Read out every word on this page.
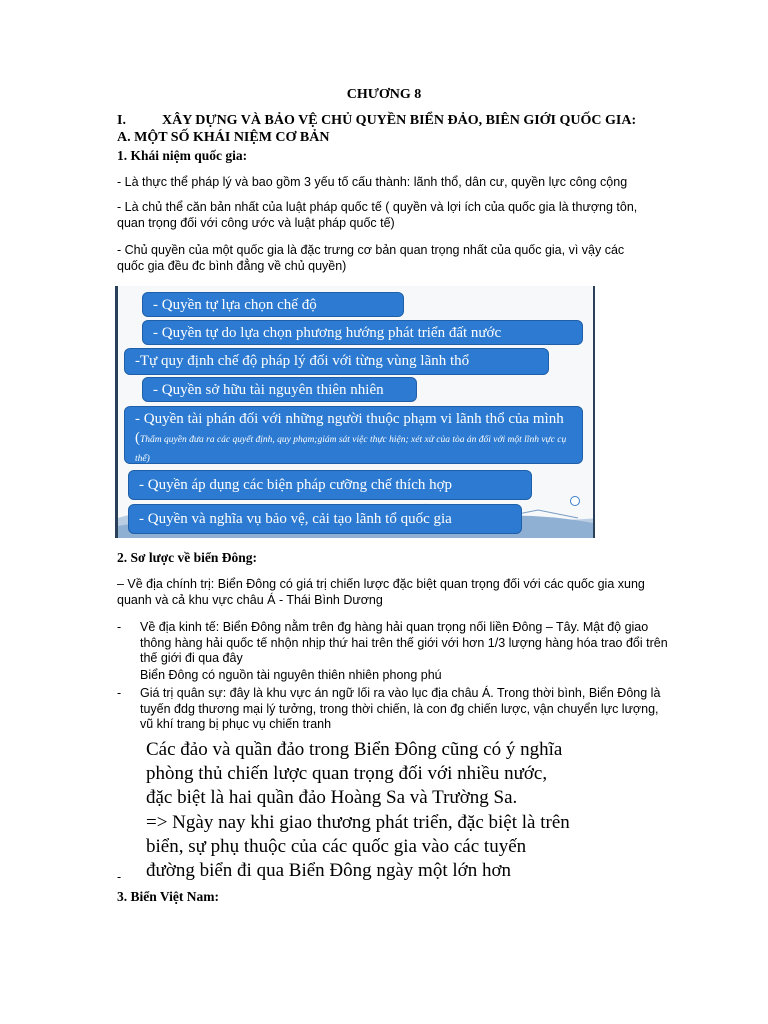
CHƯƠNG 8
I.	XÂY DỰNG VÀ BẢO VỆ CHỦ QUYỀN BIỂN ĐẢO, BIÊN GIỚI QUỐC GIA:
A. MỘT SỐ KHÁI NIỆM CƠ BẢN
1. Khái niệm quốc gia:
- Là thực thể pháp lý và bao gồm 3 yếu tố cấu thành: lãnh thổ, dân cư, quyền lực công cộng
- Là chủ thể căn bản nhất của luật pháp quốc tế ( quyền và lợi ích của quốc gia là thượng tôn, quan trọng đối với công ước và luật pháp quốc tế)
- Chủ quyền của một quốc gia là đặc trưng cơ bản quan trọng nhất của quốc gia, vì vậy các quốc gia đều đc bình đẳng về chủ quyền)
- Quyền tự lựa chọn chế độ
- Quyền tự do lựa chọn phương hướng phát triển đất nước
-Tự quy định chế độ pháp lý đối với từng vùng lãnh thổ
- Quyền sở hữu tài nguyên thiên nhiên
- Quyền tài phán đối với những người thuộc phạm vi lãnh thổ của mình (Thẩm quyền đưa ra các quyết định, quy phạm;giám sát việc thực hiện; xét xử của tòa án đối với một lĩnh vực cụ thể)
- Quyền áp dụng các biện pháp cưỡng chế thích hợp
- Quyền và nghĩa vụ bảo vệ, cải tạo lãnh tổ quốc gia
2. Sơ lược về biển Đông:
– Về địa chính trị: Biển Đông có giá trị chiến lược đặc biệt quan trọng đối với các quốc gia xung quanh và cả khu vực châu Á - Thái Bình Dương
- Về địa kinh tế: Biển Đông nằm trên đg hàng hải quan trọng nối liền Đông – Tây. Mật độ giao thông hàng hải quốc tế nhộn nhịp thứ hai trên thế giới với hơn 1/3 lượng hàng hóa trao đổi trên thế giới đi qua đây
Biển Đông có nguồn tài nguyên thiên nhiên phong phú
- Giá trị quân sự: đây là khu vực án ngữ lối ra vào lục địa châu Á. Trong thời bình, Biển Đông là tuyến đdg thương mại lý tưởng, trong thời chiến, là con đg chiến lược, vận chuyển lực lượng, vũ khí trang bị phục vụ chiến tranh
Các đảo và quần đảo trong Biển Đông cũng có ý nghĩa
phòng thủ chiến lược quan trọng đối với nhiều nước,
đặc biệt là hai quần đảo Hoàng Sa và Trường Sa.
=> Ngày nay khi giao thương phát triển, đặc biệt là trên
biển, sự phụ thuộc của các quốc gia vào các tuyến
đường biển đi qua Biển Đông ngày một lớn hơn
-
3. Biển Việt Nam:
